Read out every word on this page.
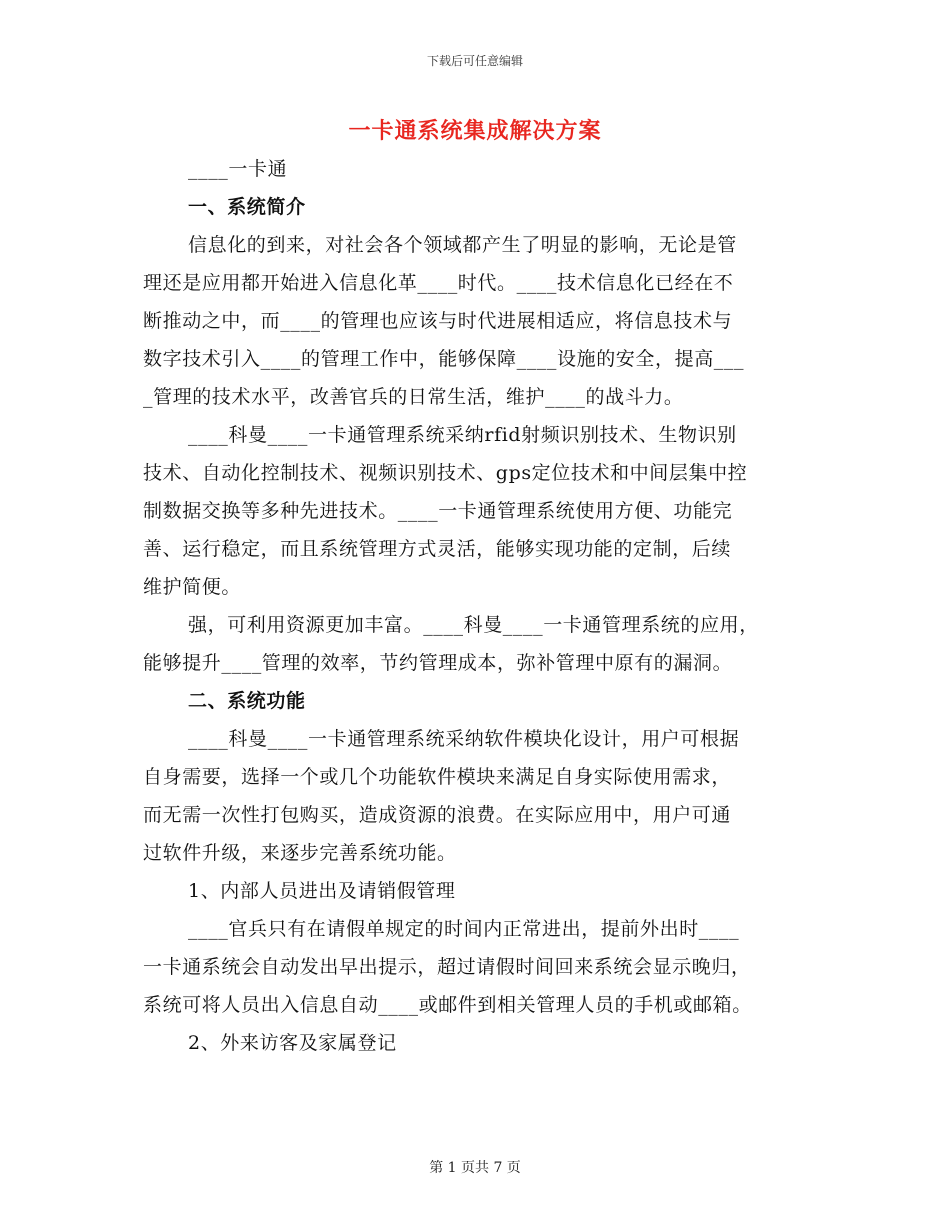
下载后可任意编辑
一卡通系统集成解决方案
____一卡通
一、系统简介
信息化的到来，对社会各个领域都产生了明显的影响，无论是管
理还是应用都开始进入信息化革____时代。____技术信息化已经在不
断推动之中，而____的管理也应该与时代进展相适应，将信息技术与
数字技术引入____的管理工作中，能够保障____设施的安全，提高___
_管理的技术水平，改善官兵的日常生活，维护____的战斗力。
____科曼____一卡通管理系统采纳rfid射频识别技术、生物识别
技术、自动化控制技术、视频识别技术、gps定位技术和中间层集中控
制数据交换等多种先进技术。____一卡通管理系统使用方便、功能完
善、运行稳定，而且系统管理方式灵活，能够实现功能的定制，后续
维护简便。
强，可利用资源更加丰富。____科曼____一卡通管理系统的应用，
能够提升____管理的效率，节约管理成本，弥补管理中原有的漏洞。
二、系统功能
____科曼____一卡通管理系统采纳软件模块化设计，用户可根据
自身需要，选择一个或几个功能软件模块来满足自身实际使用需求，
而无需一次性打包购买，造成资源的浪费。在实际应用中，用户可通
过软件升级，来逐步完善系统功能。
1、内部人员进出及请销假管理
____官兵只有在请假单规定的时间内正常进出，提前外出时____
一卡通系统会自动发出早出提示，超过请假时间回来系统会显示晚归，
系统可将人员出入信息自动____或邮件到相关管理人员的手机或邮箱。
2、外来访客及家属登记
第 1 页共 7 页
